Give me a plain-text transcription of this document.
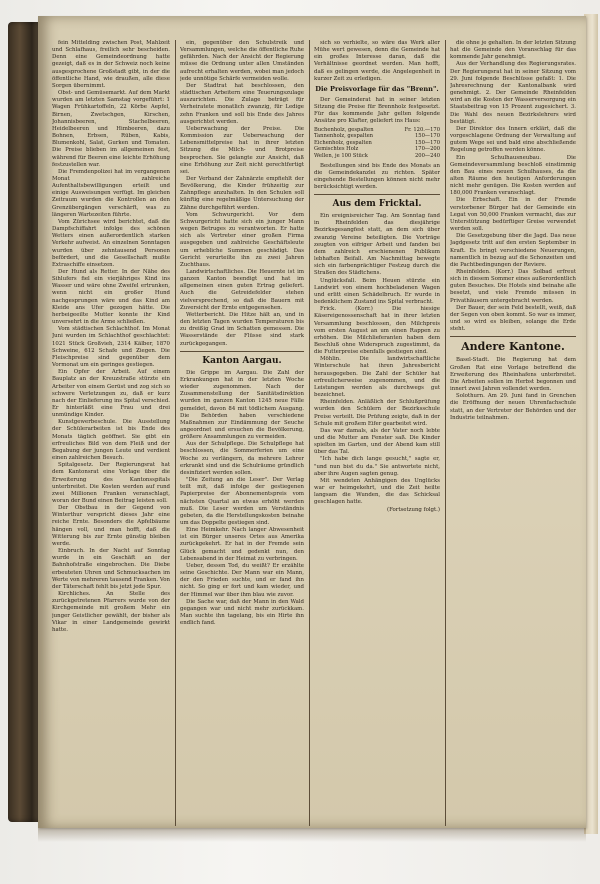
fein Mittelding zwischen Post, Mahlzeit und Schlafhaus, freilich sehr bescheiden. Denn eine Gemeindeordnung hatte gezeigt, daß es in der Schweiz noch keine ausgesprochene Großstadt gibt, in der die öffentliche Hand, wie draußen, alle diese Sorgen übernimmt.

Obst- und Gemüsemarkt. Auf dem Markt wurden am letzten Samstag vorgeführt: 1 Wagen Frühkartoffeln, 22 Körbe Aepfel, Birnen, Zwetschgen, Kirschen, Johannisbeeren, Stachelbeeren, Heidelbeeren und Himbeeren, dazu Bohnen, Erbsen, Rüben, Kabis, Blumenkohl, Salat, Gurken und Tomaten. Die Preise blieben im allgemeinen fest, während für Beeren eine leichte Erhöhung festzustellen war.

Die Fremdenpolizei hat im vergangenen Monat zahlreiche Aufenthaltsbewilligungen erteilt und einige Ausweisungen verfügt. Im gleichen Zeitraum wurden die Kontrollen an den Grenzübergängen verschärft, was zu längeren Wartezeiten führte.

Vom Zürichsee wird berichtet, daß die Dampfschiffahrt infolge des schönen Wetters einen außerordentlich starken Verkehr aufweist. An einzelnen Sonntagen wurden über zehntausend Personen befördert, und die Gesellschaft mußte Extraschiffe einsetzen.

Der Hund als Retter. In der Nähe des Sihlufers fiel ein vierjähriges Kind ins Wasser und wäre ohne Zweifel ertrunken, wenn nicht ein großer Hund nachgesprungen wäre und das Kind am Kleide ans Ufer gezogen hätte. Die herbeigeeilte Mutter konnte ihr Kind unversehrt in die Arme schließen.

Vom städtischen Schlachthof. Im Monat Juni wurden im Schlachthof geschlachtet: 1021 Stück Großvieh, 2314 Kälber, 1870 Schweine, 612 Schafe und Ziegen. Die Fleischpreise sind gegenüber dem Vormonat um ein geringes gestiegen.

Ein Opfer der Arbeit. Auf einem Bauplatz an der Kreuzstraße stürzte ein Arbeiter von einem Gerüst und zog sich so schwere Verletzungen zu, daß er kurz nach der Einlieferung ins Spital verschied. Er hinterläßt eine Frau und drei unmündige Kinder.

Kunstgewerbeschule. Die Ausstellung der Schülerarbeiten ist bis Ende des Monats täglich geöffnet. Sie gibt ein erfreuliches Bild von dem Fleiß und der Begabung der jungen Leute und verdient einen zahlreichen Besuch.

Spitalgesetz. Der Regierungsrat hat dem Kantonsrat eine Vorlage über die Erweiterung des Kantonsspitals unterbreitet. Die Kosten werden auf rund zwei Millionen Franken veranschlagt, woran der Bund einen Beitrag leisten soll.

Der Obstbau in der Gegend von Winterthur verspricht dieses Jahr eine reiche Ernte. Besonders die Apfelbäume hängen voll, und man hofft, daß die Witterung bis zur Ernte günstig bleiben werde.

Einbruch. In der Nacht auf Sonntag wurde in ein Geschäft an der Bahnhofstraße eingebrochen. Die Diebe erbeuteten Uhren und Schmucksachen im Werte von mehreren tausend Franken. Von der Täterschaft fehlt bis jetzt jede Spur.

Kirchliches. An Stelle des zurückgetretenen Pfarrers wurde von der Kirchgemeinde mit großem Mehr ein junger Geistlicher gewählt, der bisher als Vikar in einer Landgemeinde gewirkt hatte.

ein, gegenüber den Schulstreik und Versammlungen, welche die öffentliche Ruhe gefährden. Nach der Ansicht der Regierung müsse die Ordnung unter allen Umständen aufrecht erhalten werden, wobei man jedoch jede unnötige Schärfe vermeiden wolle.

Der Stadtrat hat beschlossen, den städtischen Arbeitern eine Teuerungszulage auszurichten. Die Zulage beträgt für Verheiratete monatlich zwanzig, für Ledige zehn Franken und soll bis Ende des Jahres ausgerichtet werden.

Ueberwachung der Preise. Die Kommission zur Ueberwachung der Lebensmittelpreise hat in ihrer letzten Sitzung die Milch- und Brotpreise besprochen. Sie gelangte zur Ansicht, daß eine Erhöhung zur Zeit nicht gerechtfertigt sei.

Der Verband der Zahnärzte empfiehlt der Bevölkerung, die Kinder frühzeitig zur Zahnpflege anzuhalten. In den Schulen soll künftig eine regelmäßige Untersuchung der Zähne durchgeführt werden.

Vom Schwurgericht. Vor dem Schwurgericht hatte sich ein junger Mann wegen Betruges zu verantworten. Er hatte sich als Vertreter einer großen Firma ausgegeben und zahlreiche Geschäftsleute um erhebliche Summen geschädigt. Das Gericht verurteilte ihn zu zwei Jahren Zuchthaus.

Landwirtschaftliches. Die Heuernte ist im ganzen Kanton beendigt und hat im allgemeinen einen guten Ertrag geliefert. Auch die Getreidefelder stehen vielversprechend, so daß die Bauern mit Zuversicht der Ernte entgegensehen.

Wetterbericht. Die Hitze hält an, und in den letzten Tagen wurden Temperaturen bis zu dreißig Grad im Schatten gemessen. Die Wasserstände der Flüsse sind stark zurückgegangen.

Kanton Aargau.

Die Grippe im Aargau. Die Zahl der Erkrankungen hat in der letzten Woche wieder zugenommen. Nach der Zusammenstellung der Sanitätsdirektion wurden im ganzen Kanton 1245 neue Fälle gemeldet, davon 84 mit tödlichem Ausgang. Die Behörden haben verschiedene Maßnahmen zur Eindämmung der Seuche angeordnet und ersuchen die Bevölkerung, größere Ansammlungen zu vermeiden.

Aus der Schulpflege. Die Schulpflege hat beschlossen, die Sommerferien um eine Woche zu verlängern, da mehrere Lehrer erkrankt sind und die Schulräume gründlich desinfiziert werden sollen.

"Die Zeitung an die Leser". Der Verlag teilt mit, daß infolge der gestiegenen Papierpreise der Abonnementspreis vom nächsten Quartal an etwas erhöht werden muß. Die Leser werden um Verständnis gebeten, da die Herstellungskosten beinahe um das Doppelte gestiegen sind.

Eine Heimkehr. Nach langer Abwesenheit ist ein Bürger unseres Ortes aus Amerika zurückgekehrt. Er hat in der Fremde sein Glück gemacht und gedenkt nun, den Lebensabend in der Heimat zu verbringen.

Ueber, dessen Tod, du weißt? Er erzählte seine Geschichte. Der Mann war ein Mann, der den Frieden suchte, und er fand ihn nicht. So ging er fort und kam wieder, und der Himmel war über ihm blau wie zuvor.

Die Sache war, daß der Mann in den Wald gegangen war und nicht mehr zurückkam. Man suchte ihn tagelang, bis ein Hirte ihn endlich fand.

sich so verhielte, so wäre das Werk aller Mühe wert gewesen, denn die Gemeinde hat ein großes Interesse daran, daß die Verhältnisse geordnet werden. Man hofft, daß es gelingen werde, die Angelegenheit in kurzer Zeit zu erledigen.

Die Preisvorlage für das "Brenn".

Der Gemeinderat hat in seiner letzten Sitzung die Preise für Brennholz festgesetzt. Für das kommende Jahr gelten folgende Ansätze pro Klafter, geliefert ins Haus:

Buchenholz, gespalten	Fr. 120.—170
Tannenholz, gespalten	150—170
Eichenholz, gespalten	150—170
Gemischtes Holz	170—200
Wellen, je 100 Stück	200—240

Bestellungen sind bis Ende des Monats an die Gemeindekanzlei zu richten. Später eingehende Bestellungen können nicht mehr berücksichtigt werden.

Aus dem Fricktal.

Ein ereignisreicher Tag. Am Sonntag fand in Rheinfelden das diesjährige Bezirksgesangfest statt, an dem sich über zwanzig Vereine beteiligten. Die Vorträge zeugten von eifriger Arbeit und fanden bei dem zahlreich erschienenen Publikum lebhaften Beifall. Am Nachmittag bewegte sich ein farbenprächtiger Festzug durch die Straßen des Städtchens.

Unglücksfall. Beim Heuen stürzte ein Landwirt von einem hochbeladenen Wagen und erlitt einen Schädelbruch. Er wurde in bedenklichem Zustand ins Spital verbracht.

Frick. (Korr.) Die hiesige Käsereigenossenschaft hat in ihrer letzten Versammlung beschlossen, den Milchpreis vom ersten August an um einen Rappen zu erhöhen. Die Milchlieferanten haben dem Beschluß ohne Widerspruch zugestimmt, da die Futterpreise ebenfalls gestiegen sind.

Möhlin. Die landwirtschaftliche Winterschule hat ihren Jahresbericht herausgegeben. Die Zahl der Schüler hat erfreulicherweise zugenommen, und die Leistungen werden als durchwegs gut bezeichnet.

Rheinfelden. Anläßlich der Schlußprüfung wurden den Schülern der Bezirksschule Preise verteilt. Die Prüfung zeigte, daß in der Schule mit großem Eifer gearbeitet wird.

Das war damals, als der Vater noch lebte und die Mutter am Fenster saß. Die Kinder spielten im Garten, und der Abend kam still über das Tal.

"Ich habe dich lange gesucht," sagte er, "und nun bist du da." Sie antwortete nicht, aber ihre Augen sagten genug.

Mit wendeten Anhängigen des Unglücks war er heimgekehrt, und die Zeit heilte langsam die Wunden, die das Schicksal geschlagen hatte.

(Fortsetzung folgt.)

die ohne je gehalten. In der letzten Sitzung hat die Gemeinde den Voranschlag für das kommende Jahr genehmigt.

Aus der Verhandlung des Regierungsrates. Der Regierungsrat hat in seiner Sitzung vom 29. Juni folgende Beschlüsse gefaßt: 1. Die Jahresrechnung der Kantonalbank wird genehmigt. 2. Der Gemeinde Rheinfelden wird an die Kosten der Wasserversorgung ein Staatsbeitrag von 15 Prozent zugesichert. 3. Die Wahl des neuen Bezirkslehrers wird bestätigt.

Der Direktor des Innern erklärt, daß die vorgeschlagene Ordnung der Verwaltung auf gutem Wege sei und bald eine abschließende Regelung getroffen werden könne.

Ein Schulhausneubau. Die Gemeindeversammlung beschloß einstimmig den Bau eines neuen Schulhauses, da die alten Räume den heutigen Anforderungen nicht mehr genügen. Die Kosten werden auf 180,000 Franken veranschlagt.

Die Erbschaft. Ein in der Fremde verstorbener Bürger hat der Gemeinde ein Legat von 50,000 Franken vermacht, das zur Unterstützung bedürftiger Greise verwendet werden soll.

Die Gesetzgebung über die Jagd. Das neue Jagdgesetz tritt auf den ersten September in Kraft. Es bringt verschiedene Neuerungen, namentlich in bezug auf die Schonzeiten und die Pachtbedingungen der Reviere.

Rheinfelden. (Korr.) Das Solbad erfreut sich in diesem Sommer eines außerordentlich guten Besuches. Die Hotels sind beinahe alle besetzt, und viele Fremde müssen in Privathäusern untergebracht werden.

Der Bauer, der sein Feld bestellt, weiß, daß der Segen von oben kommt. So war es immer, und so wird es bleiben, solange die Erde steht.

Andere Kantone.

Basel-Stadt. Die Regierung hat dem Großen Rat eine Vorlage betreffend die Erweiterung des Rheinhafens unterbreitet. Die Arbeiten sollen im Herbst begonnen und innert zwei Jahren vollendet werden.

Solothurn. Am 29. Juni fand in Grenchen die Eröffnung der neuen Uhrenfachschule statt, an der Vertreter der Behörden und der Industrie teilnahmen.
